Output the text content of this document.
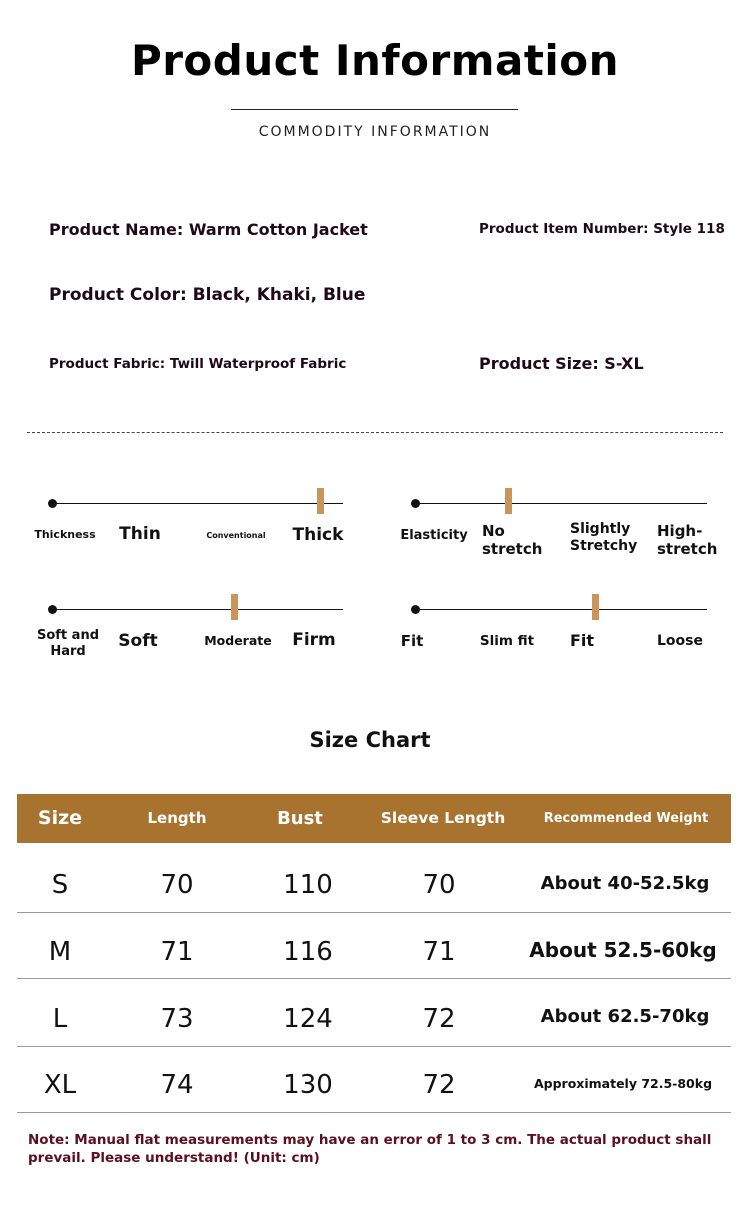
Product Information
COMMODITY INFORMATION
Product Name: Warm Cotton Jacket	Product Item Number: Style 118
Product Color: Black, Khaki, Blue
Product Fabric: Twill Waterproof Fabric	Product Size: S-XL
Thickness	Thin	Conventional	Thick	Elasticity No
stretch
Slightly
Stretchy
High-
stretch
Soft and
Hard
Soft	Moderate	Firm	Fit	Slim fit	Fit	Loose
Size Chart
Size	Length	Bust	Sleeve Length	Recommended Weight
S	70	110	70	About 40-52.5kg
M	71	116	71	About 52.5-60kg
L	73	124	72	About 62.5-70kg
XL	74	130	72	Approximately 72.5-80kg
Note: Manual flat measurements may have an error of 1 to 3 cm. The actual product shall prevail. Please understand! (Unit: cm)
